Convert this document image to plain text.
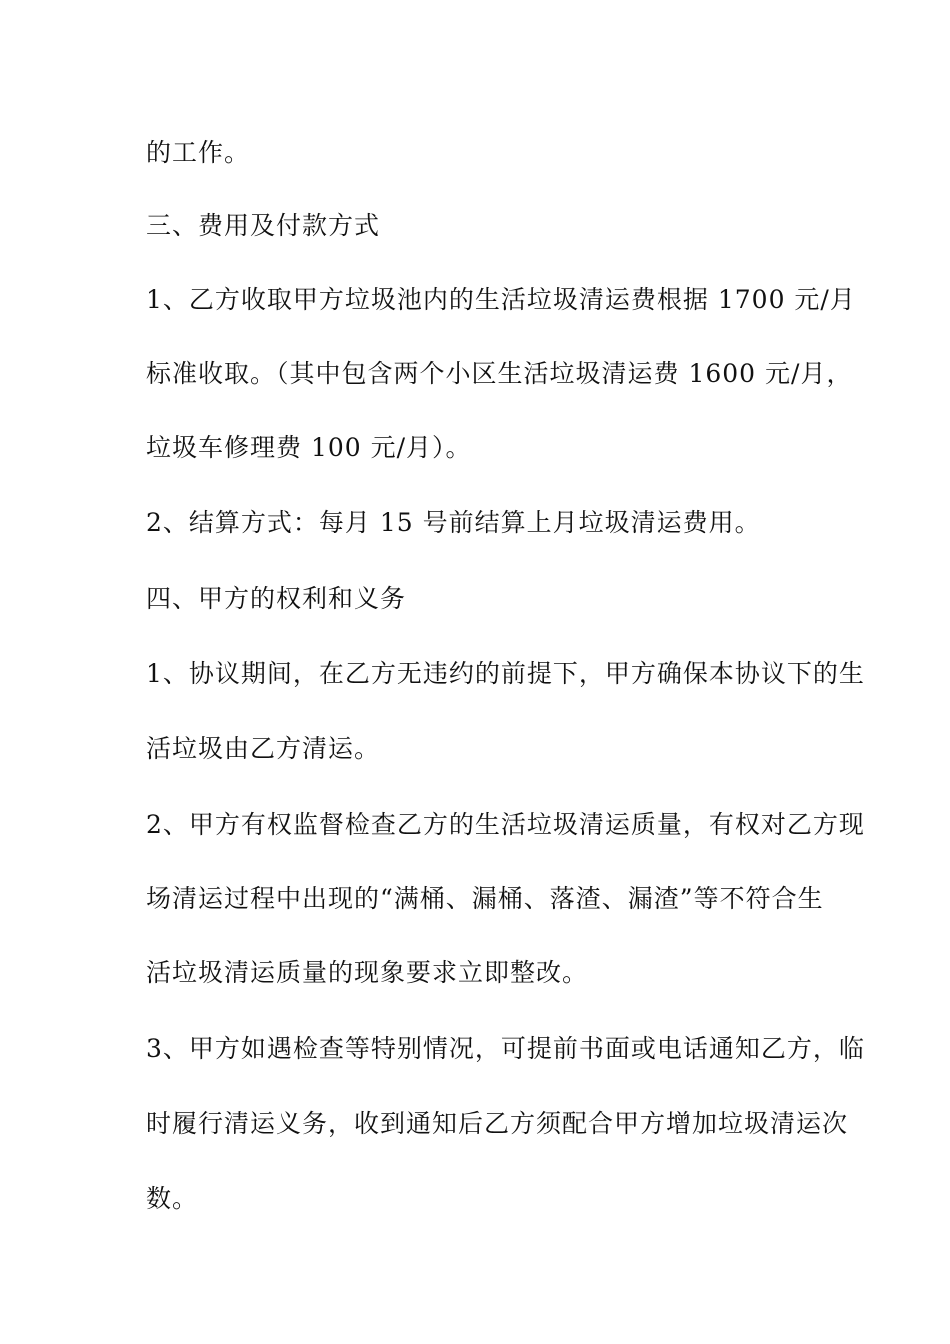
的工作。
三、费用及付款方式
1、乙方收取甲方垃圾池内的生活垃圾清运费根据 1700 元/月
标准收取。（其中包含两个小区生活垃圾清运费 1600 元/月，
垃圾车修理费 100 元/月）。
2、结算方式：每月 15 号前结算上月垃圾清运费用。
四、甲方的权利和义务
1、协议期间，在乙方无违约的前提下，甲方确保本协议下的生
活垃圾由乙方清运。
2、甲方有权监督检查乙方的生活垃圾清运质量，有权对乙方现
场清运过程中出现的“满桶、漏桶、落渣、漏渣”等不符合生
活垃圾清运质量的现象要求立即整改。
3、甲方如遇检查等特别情况，可提前书面或电话通知乙方，临
时履行清运义务，收到通知后乙方须配合甲方增加垃圾清运次
数。
